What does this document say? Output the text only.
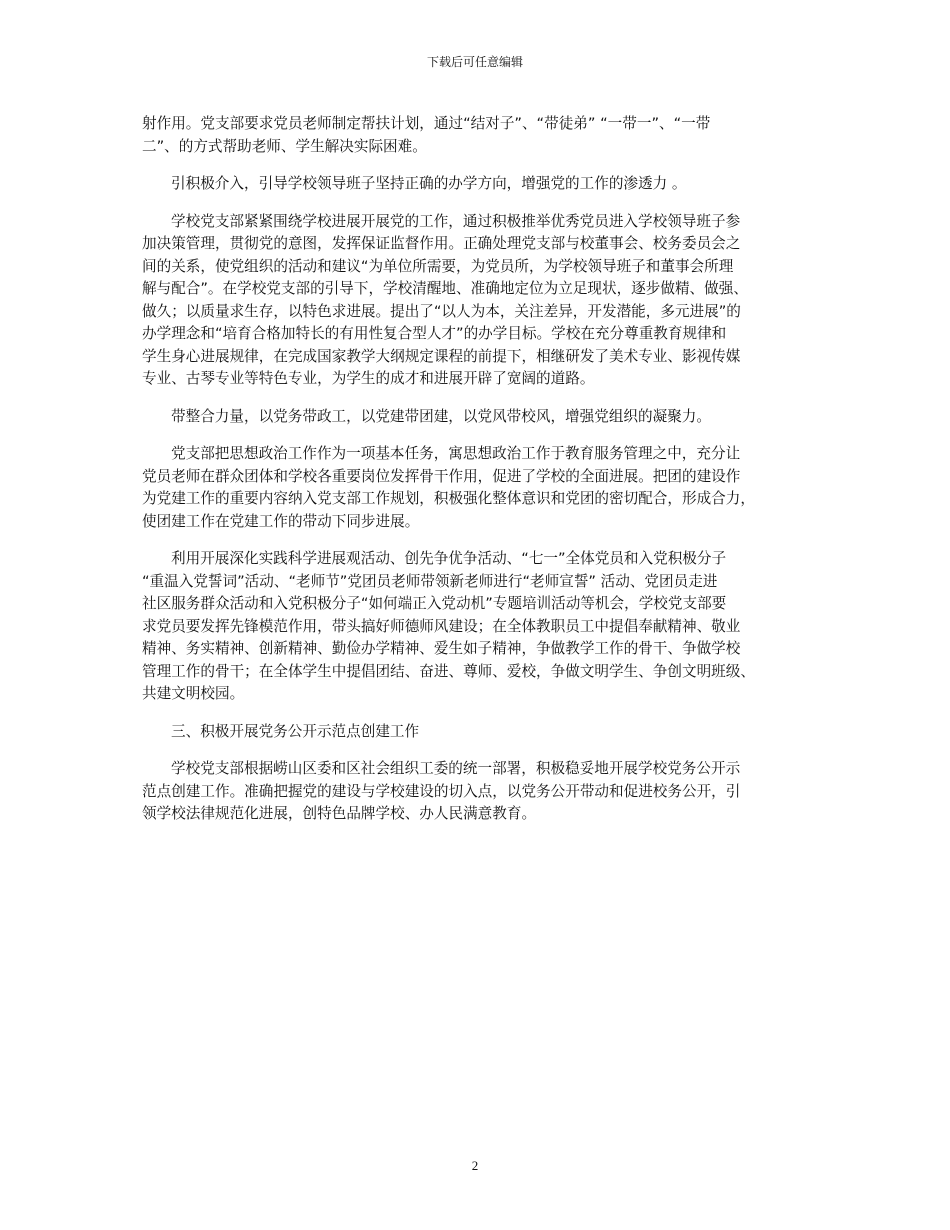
下载后可任意编辑

射作用。党支部要求党员老师制定帮扶计划，通过“结对子”、“带徒弟” “一带一”、“一带
二”、的方式帮助老师、学生解决实际困难。

引积极介入，引导学校领导班子坚持正确的办学方向，增强党的工作的渗透力 。

学校党支部紧紧围绕学校进展开展党的工作，通过积极推举优秀党员进入学校领导班子参
加决策管理，贯彻党的意图，发挥保证监督作用。正确处理党支部与校董事会、校务委员会之
间的关系，使党组织的活动和建议“为单位所需要，为党员所，为学校领导班子和董事会所理
解与配合”。在学校党支部的引导下，学校清醒地、准确地定位为立足现状，逐步做精、做强、
做久；以质量求生存，以特色求进展。提出了“以人为本，关注差异，开发潜能，多元进展”的
办学理念和“培育合格加特长的有用性复合型人才”的办学目标。学校在充分尊重教育规律和
学生身心进展规律，在完成国家教学大纲规定课程的前提下，相继研发了美术专业、影视传媒
专业、古琴专业等特色专业，为学生的成才和进展开辟了宽阔的道路。

带整合力量，以党务带政工，以党建带团建，以党风带校风，增强党组织的凝聚力。

党支部把思想政治工作作为一项基本任务，寓思想政治工作于教育服务管理之中，充分让
党员老师在群众团体和学校各重要岗位发挥骨干作用，促进了学校的全面进展。把团的建设作
为党建工作的重要内容纳入党支部工作规划，积极强化整体意识和党团的密切配合，形成合力，
使团建工作在党建工作的带动下同步进展。

利用开展深化实践科学进展观活动、创先争优争活动、“七一”全体党员和入党积极分子
“重温入党誓词”活动、“老师节”党团员老师带领新老师进行“老师宣誓” 活动、党团员走进
社区服务群众活动和入党积极分子“如何端正入党动机”专题培训活动等机会，学校党支部要
求党员要发挥先锋模范作用，带头搞好师德师风建设；在全体教职员工中提倡奉献精神、敬业
精神、务实精神、创新精神、勤俭办学精神、爱生如子精神，争做教学工作的骨干、争做学校
管理工作的骨干；在全体学生中提倡团结、奋进、尊师、爱校，争做文明学生、争创文明班级、
共建文明校园。

三、积极开展党务公开示范点创建工作

学校党支部根据崂山区委和区社会组织工委的统一部署，积极稳妥地开展学校党务公开示
范点创建工作。准确把握党的建设与学校建设的切入点，以党务公开带动和促进校务公开，引
领学校法律规范化进展，创特色品牌学校、办人民满意教育。

2
